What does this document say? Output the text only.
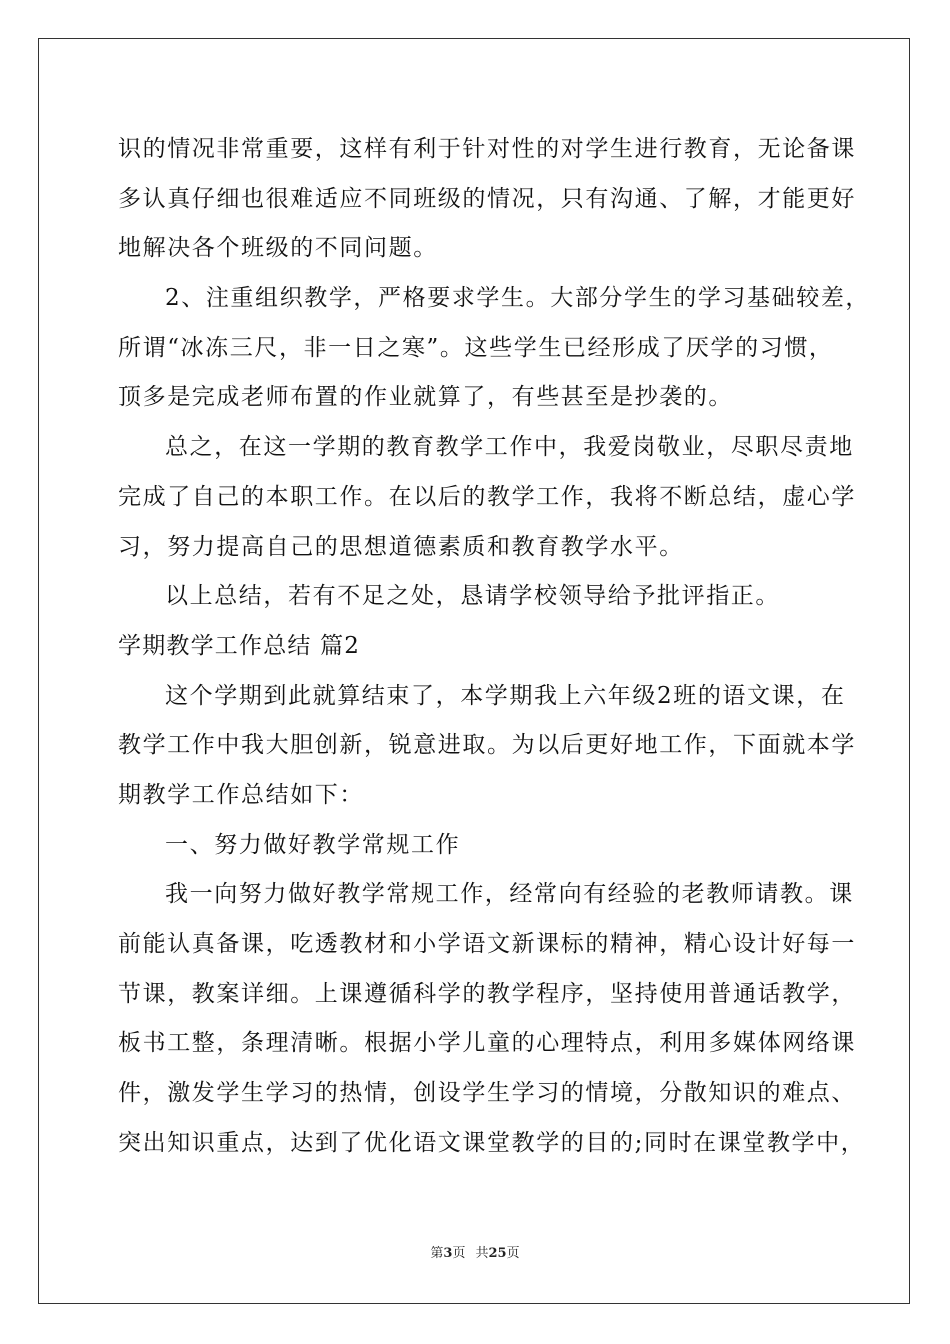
识的情况非常重要，这样有利于针对性的对学生进行教育，无论备课

多认真仔细也很难适应不同班级的情况，只有沟通、了解，才能更好

地解决各个班级的不同问题。

2、注重组织教学，严格要求学生。大部分学生的学习基础较差，

所谓“冰冻三尺，非一日之寒”。这些学生已经形成了厌学的习惯，

顶多是完成老师布置的作业就算了，有些甚至是抄袭的。

总之，在这一学期的教育教学工作中，我爱岗敬业，尽职尽责地

完成了自己的本职工作。在以后的教学工作，我将不断总结，虚心学

习，努力提高自己的思想道德素质和教育教学水平。

以上总结，若有不足之处，恳请学校领导给予批评指正。

学期教学工作总结 篇2

这个学期到此就算结束了，本学期我上六年级2班的语文课，在

教学工作中我大胆创新，锐意进取。为以后更好地工作，下面就本学

期教学工作总结如下：

一、努力做好教学常规工作

我一向努力做好教学常规工作，经常向有经验的老教师请教。课

前能认真备课，吃透教材和小学语文新课标的精神，精心设计好每一

节课，教案详细。上课遵循科学的教学程序，坚持使用普通话教学，

板书工整，条理清晰。根据小学儿童的心理特点，利用多媒体网络课

件，激发学生学习的热情，创设学生学习的情境，分散知识的难点、

突出知识重点，达到了优化语文课堂教学的目的;同时在课堂教学中，

第3页 共25页
